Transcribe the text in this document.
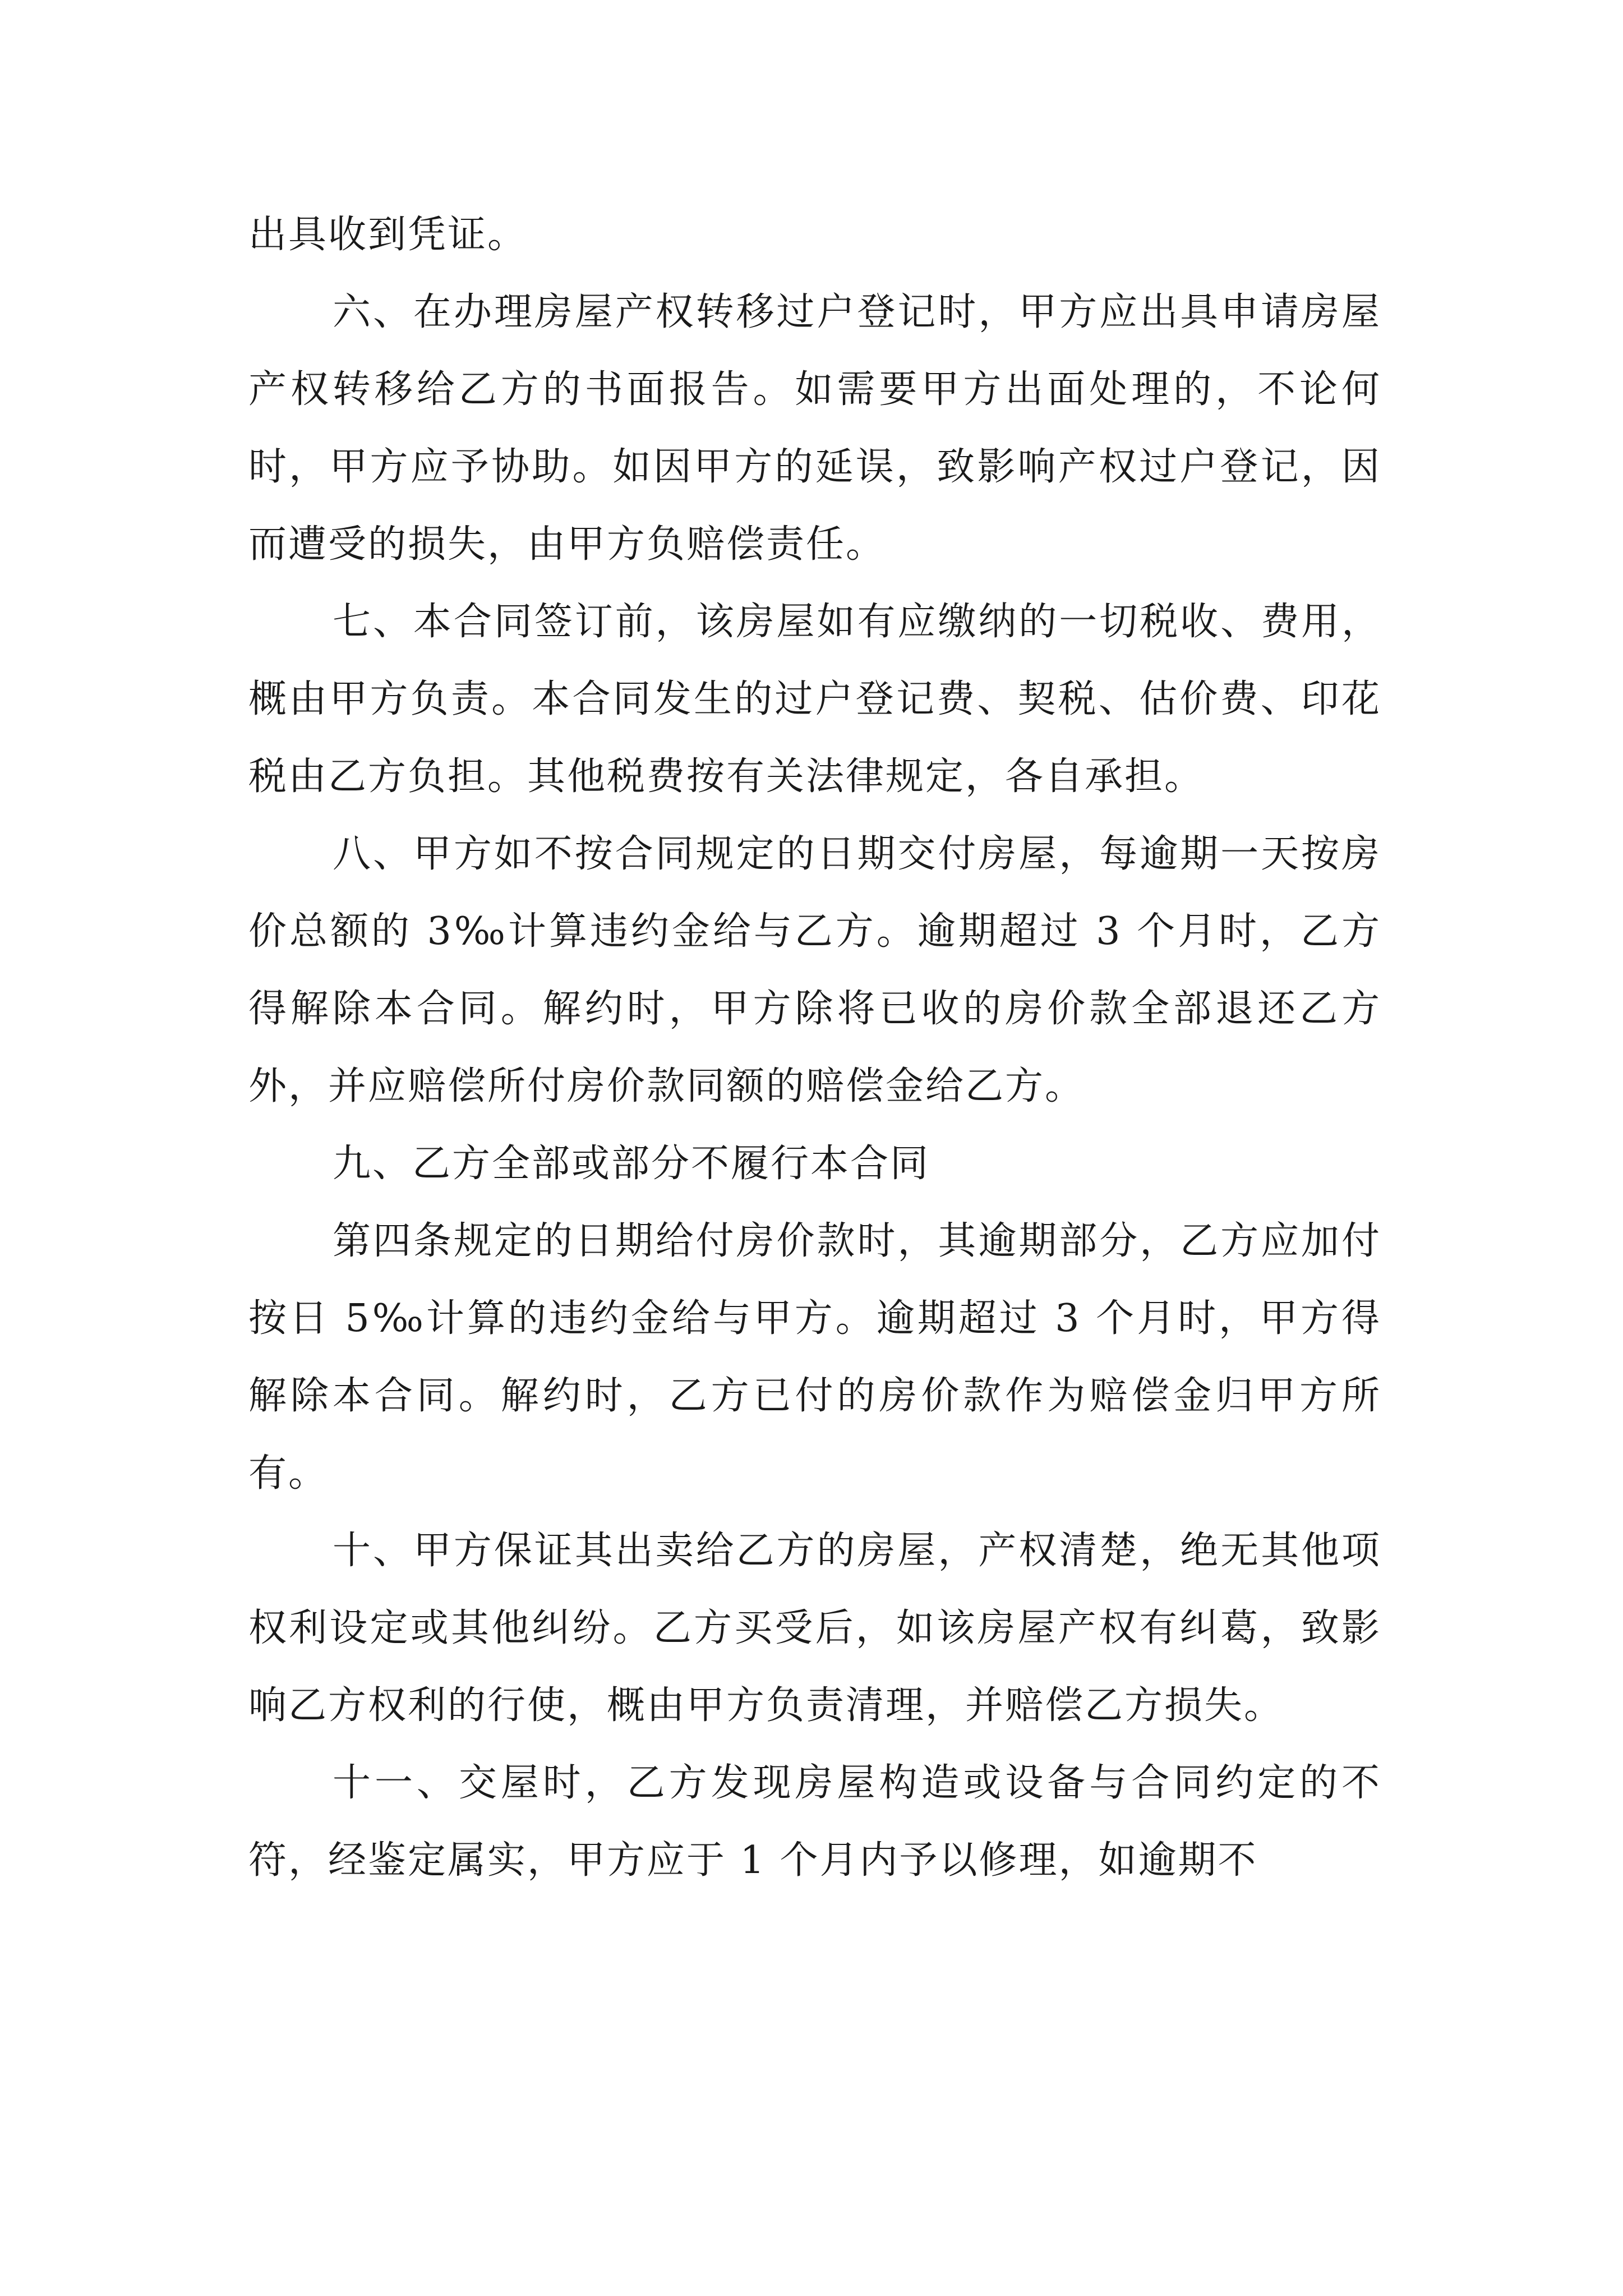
出具收到凭证。

六、在办理房屋产权转移过户登记时，甲方应出具申请房屋产权转移给乙方的书面报告。如需要甲方出面处理的，不论何时，甲方应予协助。如因甲方的延误，致影响产权过户登记，因而遭受的损失，由甲方负赔偿责任。

七、本合同签订前，该房屋如有应缴纳的一切税收、费用，概由甲方负责。本合同发生的过户登记费、契税、估价费、印花税由乙方负担。其他税费按有关法律规定，各自承担。

八、甲方如不按合同规定的日期交付房屋，每逾期一天按房价总额的 3‰计算违约金给与乙方。逾期超过 3 个月时，乙方得解除本合同。解约时，甲方除将已收的房价款全部退还乙方外，并应赔偿所付房价款同额的赔偿金给乙方。

九、乙方全部或部分不履行本合同

第四条规定的日期给付房价款时，其逾期部分，乙方应加付按日 5‰计算的违约金给与甲方。逾期超过 3 个月时，甲方得解除本合同。解约时，乙方已付的房价款作为赔偿金归甲方所有。

十、甲方保证其出卖给乙方的房屋，产权清楚，绝无其他项权利设定或其他纠纷。乙方买受后，如该房屋产权有纠葛，致影响乙方权利的行使，概由甲方负责清理，并赔偿乙方损失。

十一、交屋时，乙方发现房屋构造或设备与合同约定的不符，经鉴定属实，甲方应于 1 个月内予以修理，如逾期不
